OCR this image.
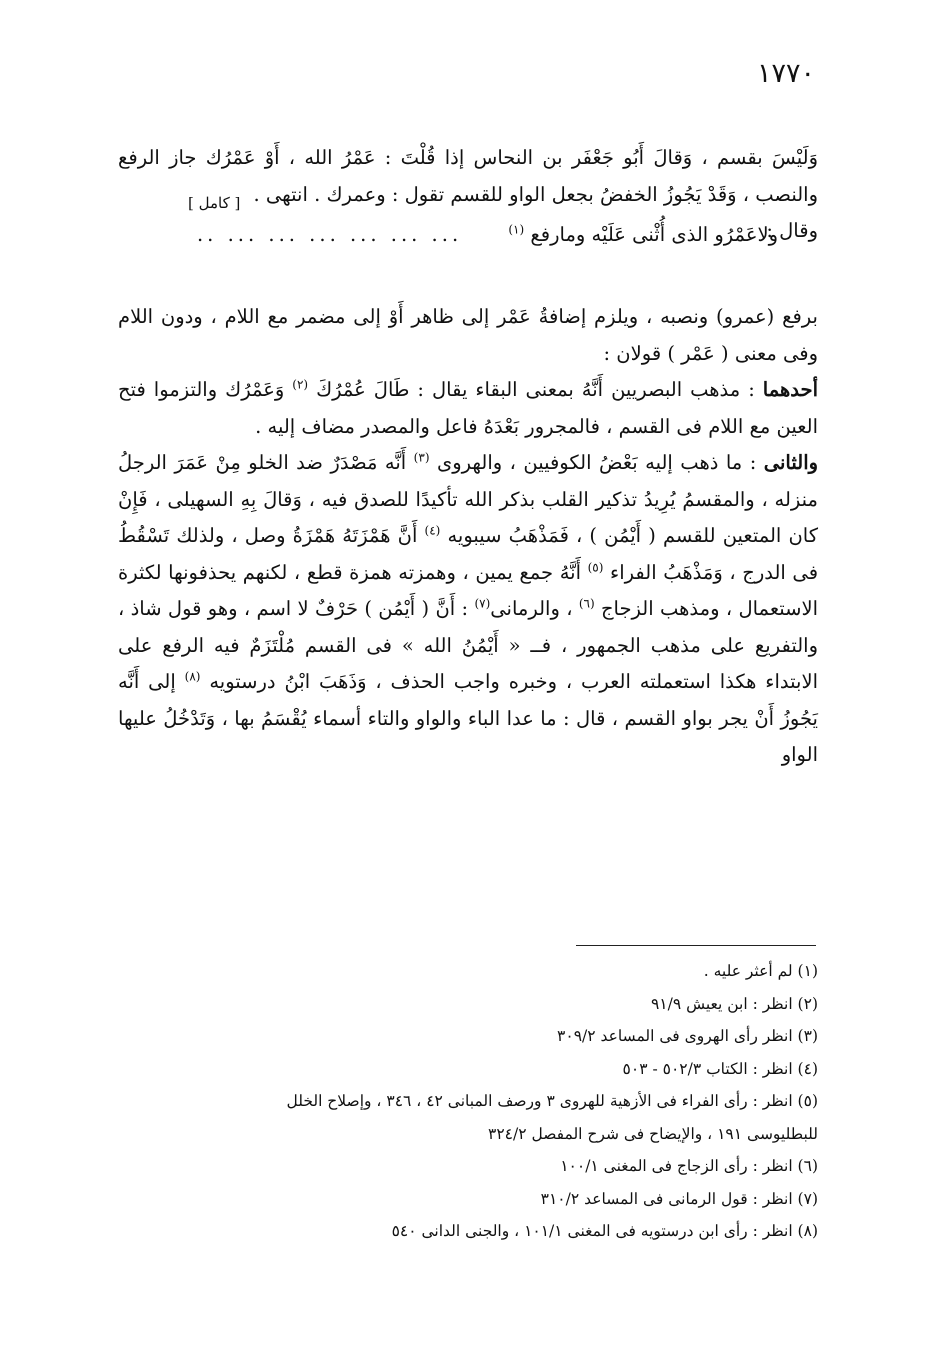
١٧٧٠

وَلَيْسَ بقسم ، وَقالَ أَبُو جَعْفَر بن النحاس إذا قُلْتَ : عَمْرُ الله ، أَوْ عَمْرُك جاز الرفع والنصب ، وَقَدْ يَجُوزُ الخفضُ بجعل الواو للقسم تقول : وعمرك . انتهى .

وقال :

[ كامل ]
ولاعَمْرُو الذى أُثْنى عَلَيْه ومارفع $^{(١)}$ ... ... ... ... ... ... ..

برفع (عمرو) ونصبه ، ويلزم إضافةُ عَمْر إلى ظاهر أَوْ إلى مضمر مع اللام ، ودون اللام وفى معنى ( عَمْر ) قولان :

أحدهما : مذهب البصريين أَنَّهُ بمعنى البقاء يقال : طَالَ عُمْرُكَ $^{(٢)}$ وَعَمْرُك والتزموا فتح العين مع اللام فى القسم ، فالمجرور بَعْدَهُ فاعل والمصدر مضاف إليه .

والثانى : ما ذهب إليه بَعْضُ الكوفيين ، والهروى $^{(٣)}$ أَنَّه مَصْدَرٌ ضد الخلو مِنْ عَمَرَ الرجلُ منزله ، والمقسمُ يُرِيدُ تذكير القلب بذكر الله تأكيدًا للصدق فيه ، وَقالَ بِهِ السهيلى ، فَإِنْ كان المتعين للقسم ( أَيْمُن ) ، فَمَذْهَبُ سيبويه $^{(٤)}$ أَنَّ هَمْزَتَهُ هَمْزَةُ وصل ، ولذلك تَسْقُطُ فى الدرج ، وَمَذْهَبُ الفراء $^{(٥)}$ أَنَّهُ جمع يمين ، وهمزته همزة قطع ، لكنهم يحذفونها لكثرة الاستعمال ، ومذهب الزجاج $^{(٦)}$ ، والرمانى$^{(٧)}$ : أَنَّ ( أَيْمُن ) حَرْفٌ لا اسم ، وهو قول شاذ ، والتفريع على مذهب الجمهور ، فــ « أَيْمُنُ الله » فى القسم مُلْتَزَمٌ فيه الرفع على الابتداء هكذا استعملته العرب ، وخبره واجب الحذف ، وَذَهَبَ ابْنُ درستويه $^{(٨)}$ إلى أَنَّه يَجُوزُ أَنْ يجر بواو القسم ، قال : ما عدا الباء والواو والتاء أسماء يُقْسَمُ بها ، وَتَدْخُلُ عليها الواو

(١) لم أعثر عليه .

(٢) انظر : ابن يعيش ٩١/٩

(٣) انظر رأى الهروى فى المساعد ٣٠٩/٢

(٤) انظر : الكتاب ٥٠٢/٣ - ٥٠٣

(٥) انظر : رأى الفراء فى الأزهية للهروى ٣ ورصف المبانى ٤٢ ، ٣٤٦ ، وإصلاح الخلل

للبطليوسى ١٩١ ، والإيضاح فى شرح المفصل ٣٢٤/٢

(٦) انظر : رأى الزجاج فى المغنى ١٠٠/١

(٧) انظر : قول الرمانى فى المساعد ٣١٠/٢

(٨) انظر : رأى ابن درستويه فى المغنى ١٠١/١ ، والجنى الدانى ٥٤٠
